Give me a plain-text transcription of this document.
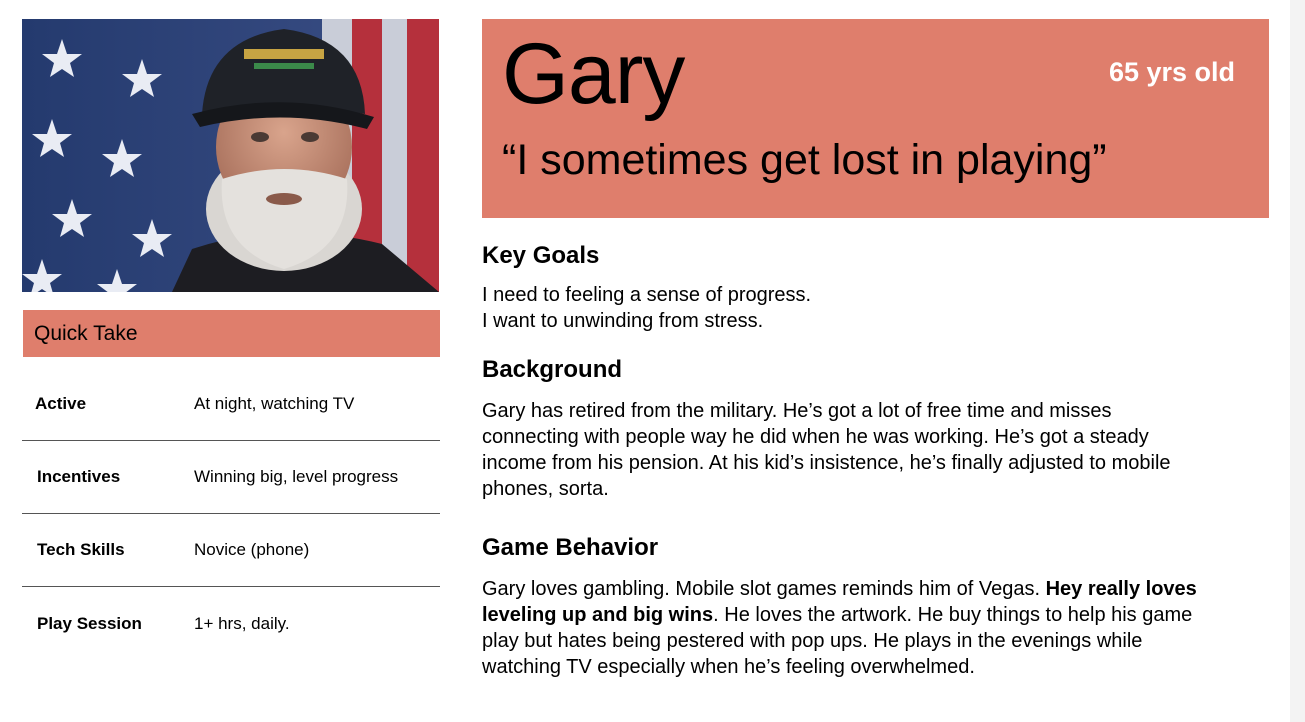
Quick Take
Active	At night, watching TV
Incentives	Winning big, level progress
Tech Skills	Novice (phone)
Play Session	1+ hrs, daily.
Gary	65 yrs old
“I sometimes get lost in playing”
Key Goals

I need to feeling a sense of progress.
I want to unwinding from stress.

Background

Gary has retired from the military. He’s got a lot of free time and misses connecting with people way he did when he was working. He’s got a steady income from his pension. At his kid’s insistence, he’s finally adjusted to mobile phones, sorta.

Game Behavior

Gary loves gambling. Mobile slot games reminds him of Vegas. Hey really loves leveling up and big wins. He loves the artwork. He buy things to help his game play but hates being pestered with pop ups. He plays in the evenings while watching TV especially when he’s feeling overwhelmed.
